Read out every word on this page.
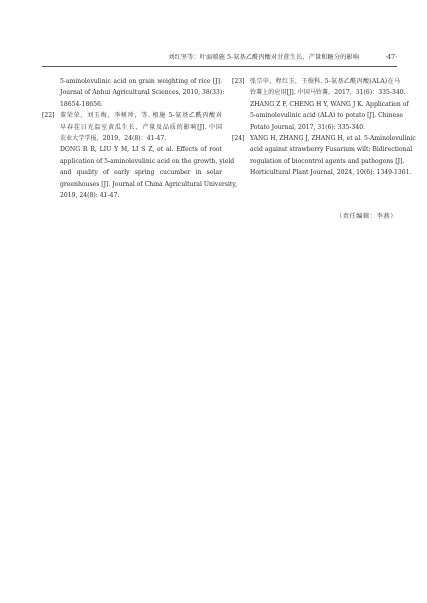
刘红坚等：叶面喷施 5-氨基乙酰丙酸对甘蔗生长、产量和糖分的影响	·47·
5-aminolevulinic acid on grain weighting of rice [J].
Journal of Anhui Agricultural Sciences, 2010, 38(33):
18654-18656.
[22] 董荣荣，刘玉梅，李树珍，等. 根施 5-氨基乙酰丙酸对
早春茬日光温室黄瓜生长、产量及品质的影响[J]. 中国
农业大学学报，2019，24(8)：41-47.
DONG R R, LIU Y M, LI S Z, et al. Effects of root
application of 5-aminolevulinic acid on the growth, yield
and quality of early spring cucumber in solar
greenhouses [J]. Journal of China Agricultural University,
2019, 24(8): 41-47.
[23] 张宗申，程红玉，王俊科. 5-氨基乙酰丙酸(ALA)在马
铃薯上的应用[J]. 中国马铃薯，2017，31(6)：335-340.
ZHANG Z F, CHENG H Y, WANG J K. Application of
5-aminolevulinic acid (ALA) to potato [J]. Chinese
Potato Journal, 2017, 31(6): 335-340.
[24] YANG H, ZHANG J, ZHANG H, et al. 5-Aminolevulinic
acid against strawberry Fusarium wilt: Bidirectional
regulation of biocontrol agents and pathogens [J].
Horticultural Plant Journal, 2024, 10(6): 1349-1361.
（责任编辑：李燕）
